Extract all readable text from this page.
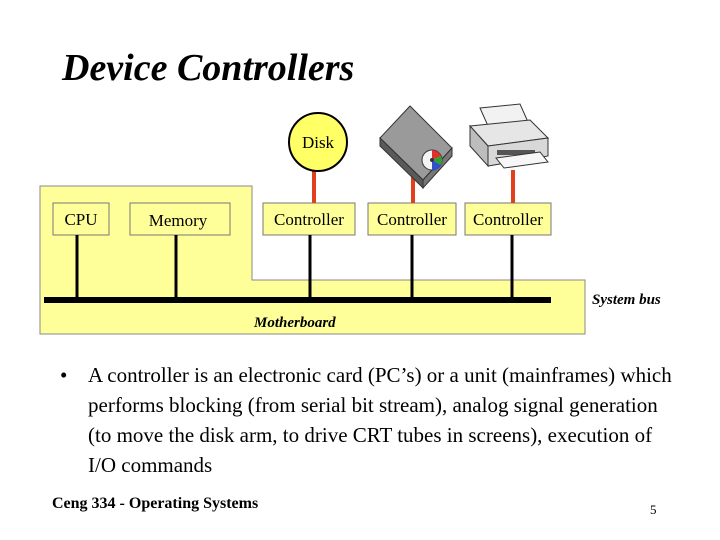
Device Controllers
CPU	Memory	Controller Controller Controller
Disk
System bus
Motherboard
• A controller is an electronic card (PC’s) or a unit (mainframes) which performs blocking (from serial bit stream), analog signal generation (to move the disk arm, to drive CRT tubes in screens), execution of I/O commands
Ceng 334 - Operating Systems	5
